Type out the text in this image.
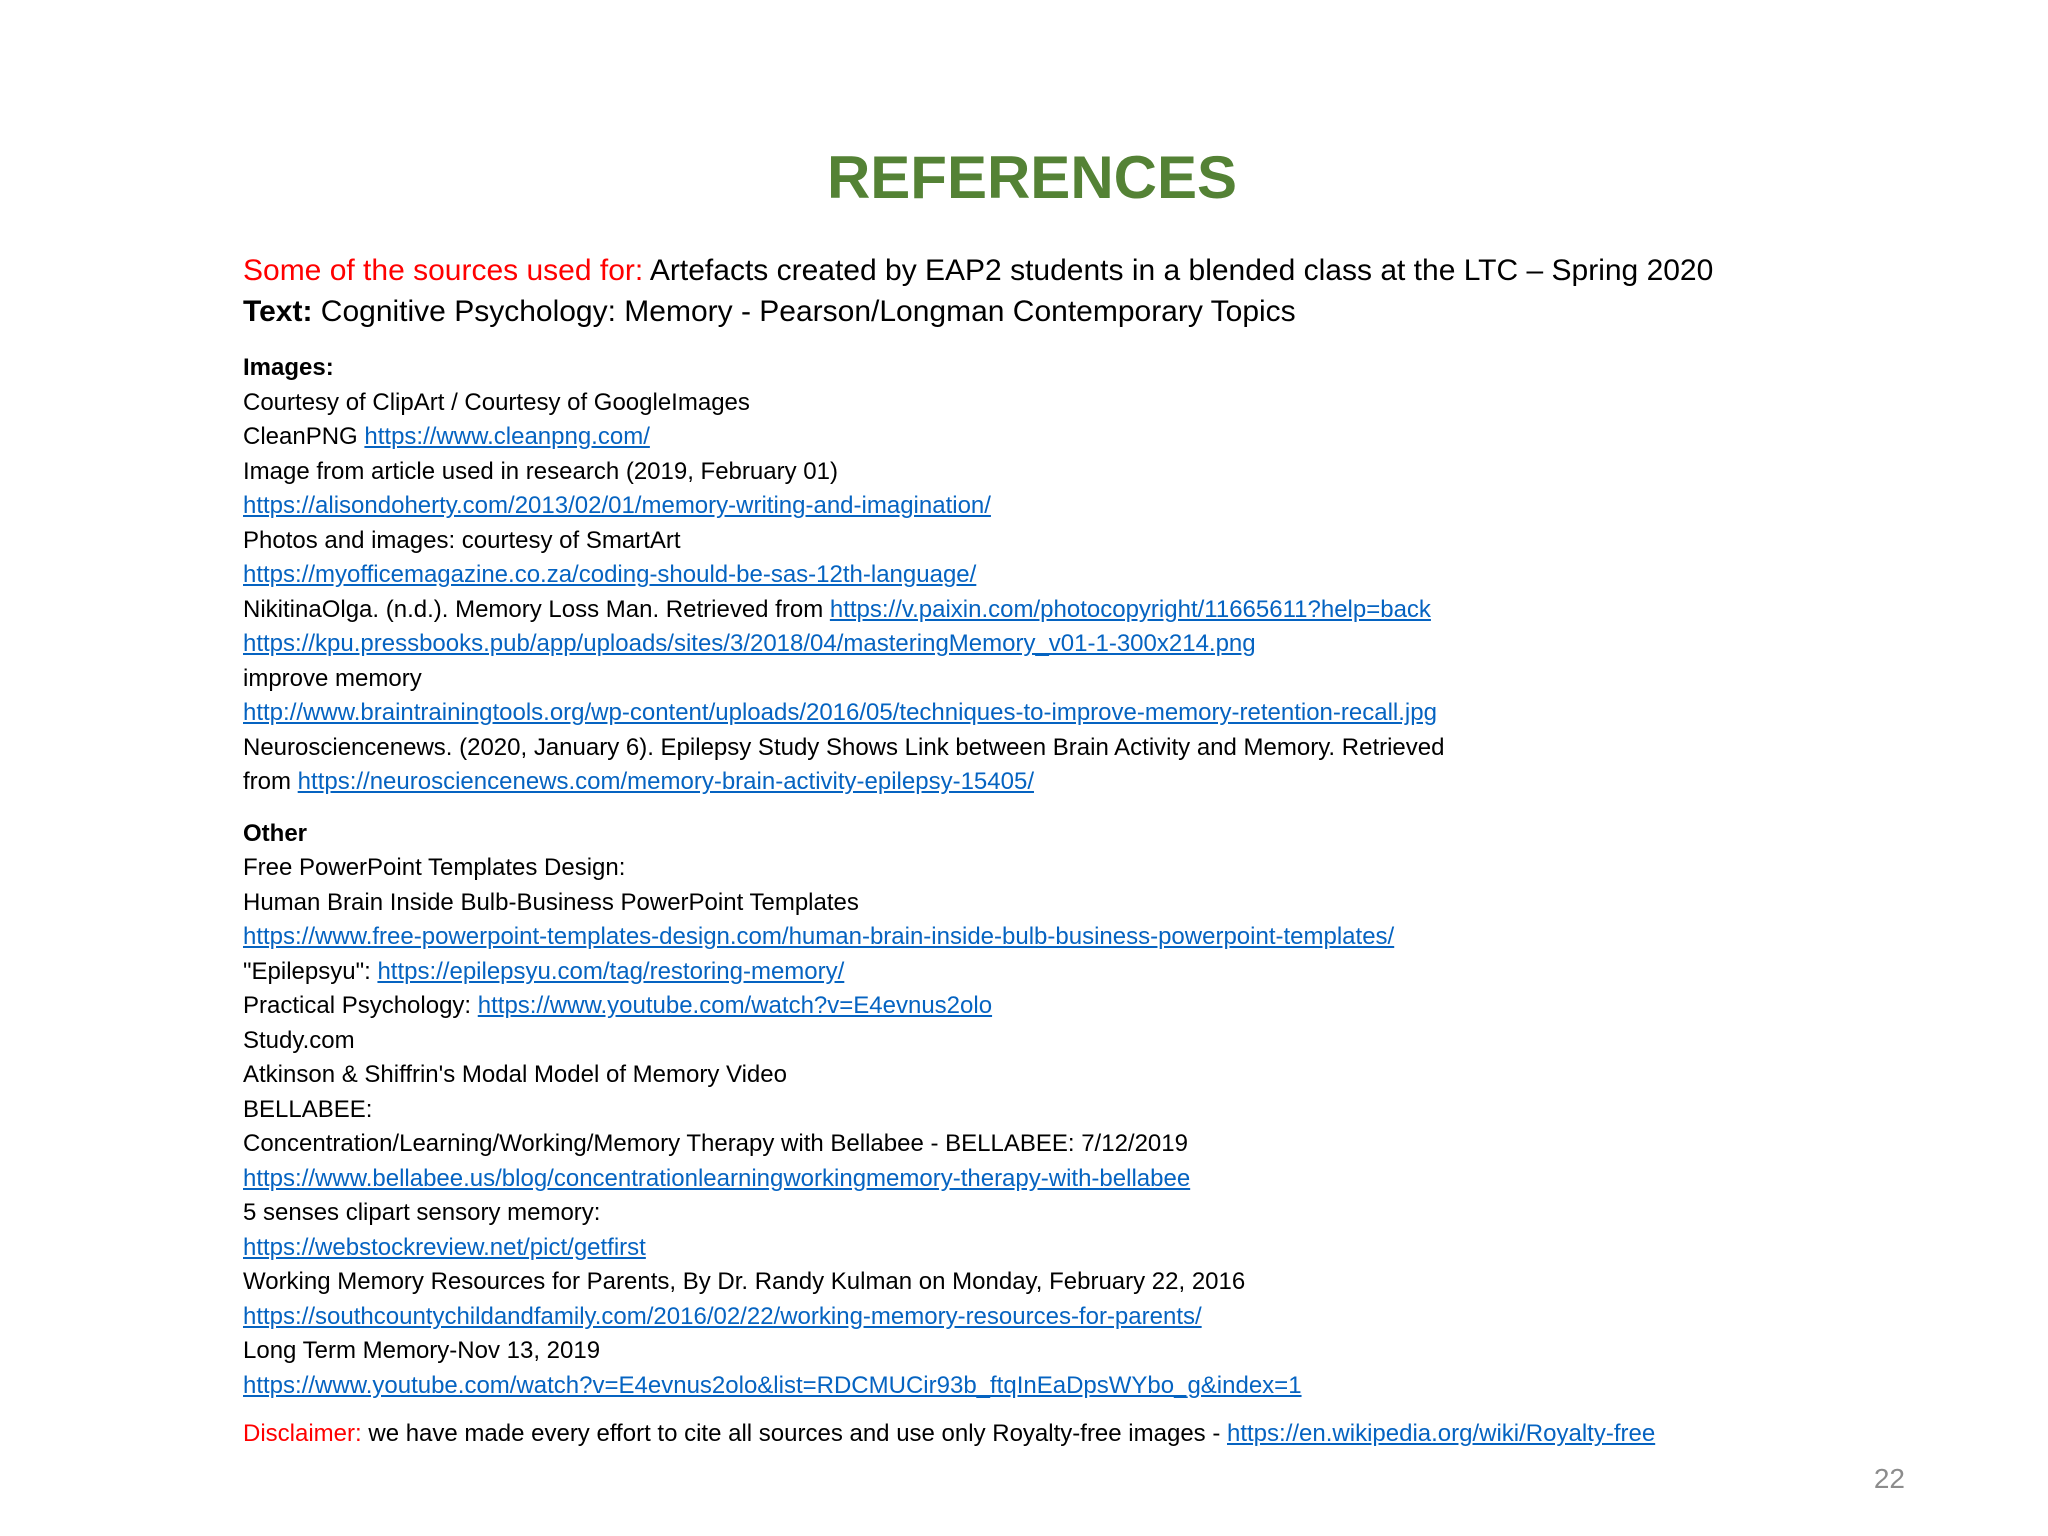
REFERENCES
Some of the sources used for: Artefacts created by EAP2 students in a blended class at the LTC – Spring 2020
Text: Cognitive Psychology: Memory - Pearson/Longman Contemporary Topics
Images:
Courtesy of ClipArt / Courtesy of GoogleImages
CleanPNG https://www.cleanpng.com/
Image from article used in research (2019, February 01)
https://alisondoherty.com/2013/02/01/memory-writing-and-imagination/
Photos and images: courtesy of SmartArt
https://myofficemagazine.co.za/coding-should-be-sas-12th-language/
NikitinaOlga. (n.d.). Memory Loss Man. Retrieved from https://v.paixin.com/photocopyright/11665611?help=back
https://kpu.pressbooks.pub/app/uploads/sites/3/2018/04/masteringMemory_v01-1-300x214.png
improve memory
http://www.braintrainingtools.org/wp-content/uploads/2016/05/techniques-to-improve-memory-retention-recall.jpg
Neurosciencenews. (2020, January 6). Epilepsy Study Shows Link between Brain Activity and Memory. Retrieved
from https://neurosciencenews.com/memory-brain-activity-epilepsy-15405/
Other
Free PowerPoint Templates Design:
Human Brain Inside Bulb-Business PowerPoint Templates
https://www.free-powerpoint-templates-design.com/human-brain-inside-bulb-business-powerpoint-templates/
"Epilepsyu": https://epilepsyu.com/tag/restoring-memory/
Practical Psychology: https://www.youtube.com/watch?v=E4evnus2olo
Study.com
Atkinson & Shiffrin's Modal Model of Memory Video
BELLABEE:
Concentration/Learning/Working/Memory Therapy with Bellabee - BELLABEE: 7/12/2019
https://www.bellabee.us/blog/concentrationlearningworkingmemory-therapy-with-bellabee
5 senses clipart sensory memory:
https://webstockreview.net/pict/getfirst
Working Memory Resources for Parents, By Dr. Randy Kulman on Monday, February 22, 2016
https://southcountychildandfamily.com/2016/02/22/working-memory-resources-for-parents/
Long Term Memory-Nov 13, 2019
https://www.youtube.com/watch?v=E4evnus2olo&list=RDCMUCir93b_ftqInEaDpsWYbo_g&index=1
Disclaimer: we have made every effort to cite all sources and use only Royalty-free images - https://en.wikipedia.org/wiki/Royalty-free
22
